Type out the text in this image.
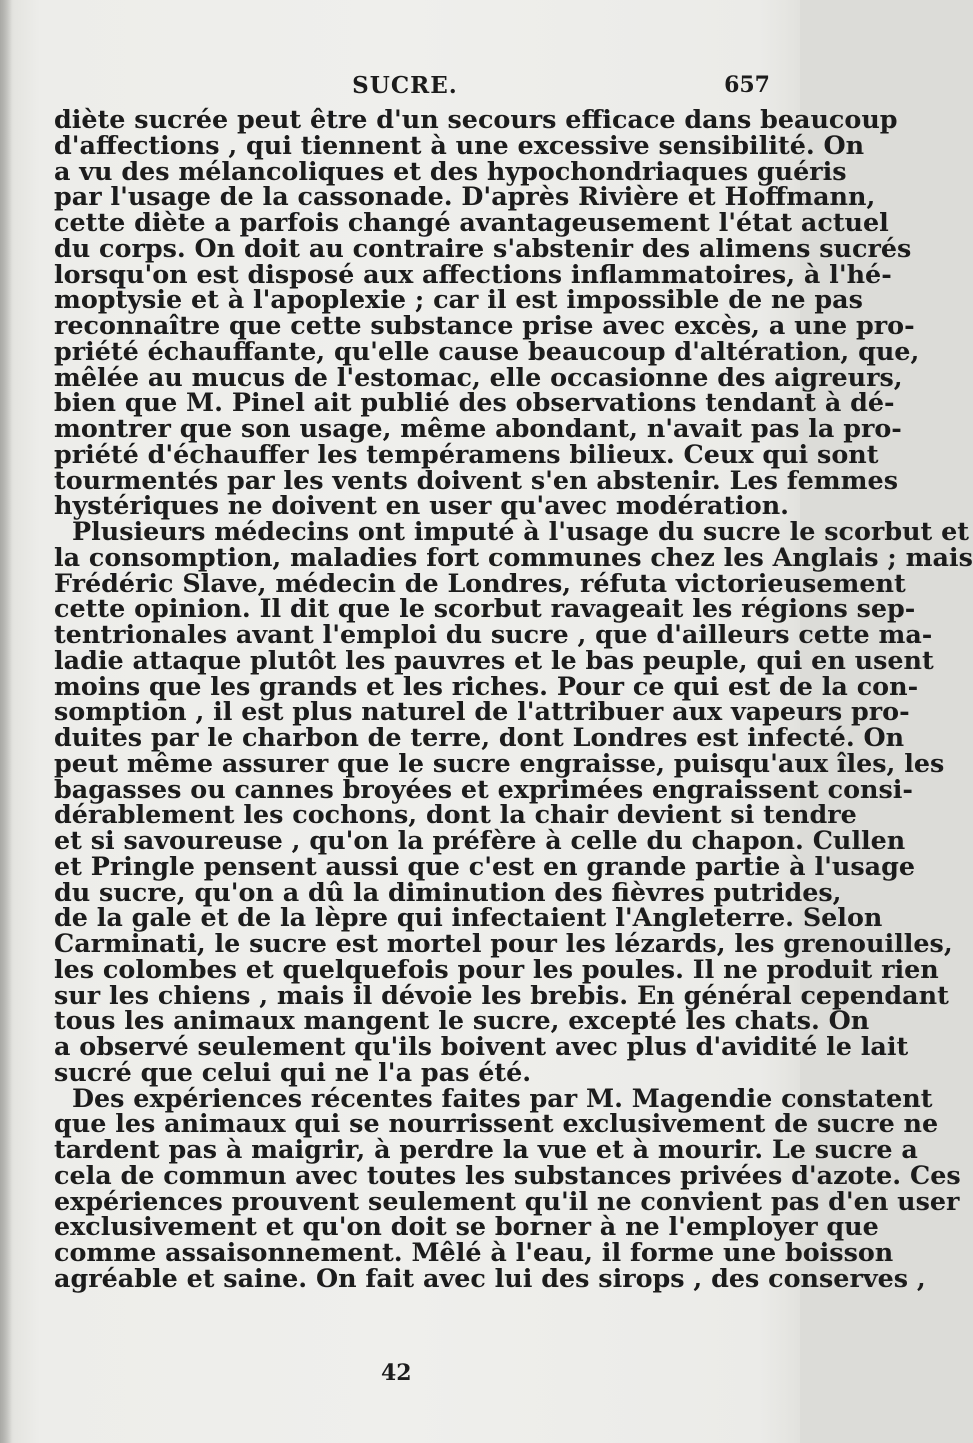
SUCRE.	657
diète sucrée peut être d'un secours efficace dans beaucoup
d'affections , qui tiennent à une excessive sensibilité. On
a vu des mélancoliques et des hypochondriaques guéris
par l'usage de la cassonade. D'après Rivière et Hoffmann,
cette diète a parfois changé avantageusement l'état actuel
du corps. On doit au contraire s'abstenir des alimens sucrés
lorsqu'on est disposé aux affections inflammatoires, à l'hé-
moptysie et à l'apoplexie ; car il est impossible de ne pas
reconnaître que cette substance prise avec excès, a une pro-
priété échauffante, qu'elle cause beaucoup d'altération, que,
mêlée au mucus de l'estomac, elle occasionne des aigreurs,
bien que M. Pinel ait publié des observations tendant à dé-
montrer que son usage, même abondant, n'avait pas la pro-
priété d'échauffer les tempéramens bilieux. Ceux qui sont
tourmentés par les vents doivent s'en abstenir. Les femmes
hystériques ne doivent en user qu'avec modération.
Plusieurs médecins ont imputé à l'usage du sucre le scorbut et
la consomption, maladies fort communes chez les Anglais ; mais
Frédéric Slave, médecin de Londres, réfuta victorieusement
cette opinion. Il dit que le scorbut ravageait les régions sep-
tentrionales avant l'emploi du sucre , que d'ailleurs cette ma-
ladie attaque plutôt les pauvres et le bas peuple, qui en usent
moins que les grands et les riches. Pour ce qui est de la con-
somption , il est plus naturel de l'attribuer aux vapeurs pro-
duites par le charbon de terre, dont Londres est infecté. On
peut même assurer que le sucre engraisse, puisqu'aux îles, les
bagasses ou cannes broyées et exprimées engraissent consi-
dérablement les cochons, dont la chair devient si tendre
et si savoureuse , qu'on la préfère à celle du chapon. Cullen
et Pringle pensent aussi que c'est en grande partie à l'usage
du sucre, qu'on a dû la diminution des fièvres putrides,
de la gale et de la lèpre qui infectaient l'Angleterre. Selon
Carminati, le sucre est mortel pour les lézards, les grenouilles,
les colombes et quelquefois pour les poules. Il ne produit rien
sur les chiens , mais il dévoie les brebis. En général cependant
tous les animaux mangent le sucre, excepté les chats. On
a observé seulement qu'ils boivent avec plus d'avidité le lait
sucré que celui qui ne l'a pas été.
Des expériences récentes faites par M. Magendie constatent
que les animaux qui se nourrissent exclusivement de sucre ne
tardent pas à maigrir, à perdre la vue et à mourir. Le sucre a
cela de commun avec toutes les substances privées d'azote. Ces
expériences prouvent seulement qu'il ne convient pas d'en user
exclusivement et qu'on doit se borner à ne l'employer que
comme assaisonnement. Mêlé à l'eau, il forme une boisson
agréable et saine. On fait avec lui des sirops , des conserves ,
42
